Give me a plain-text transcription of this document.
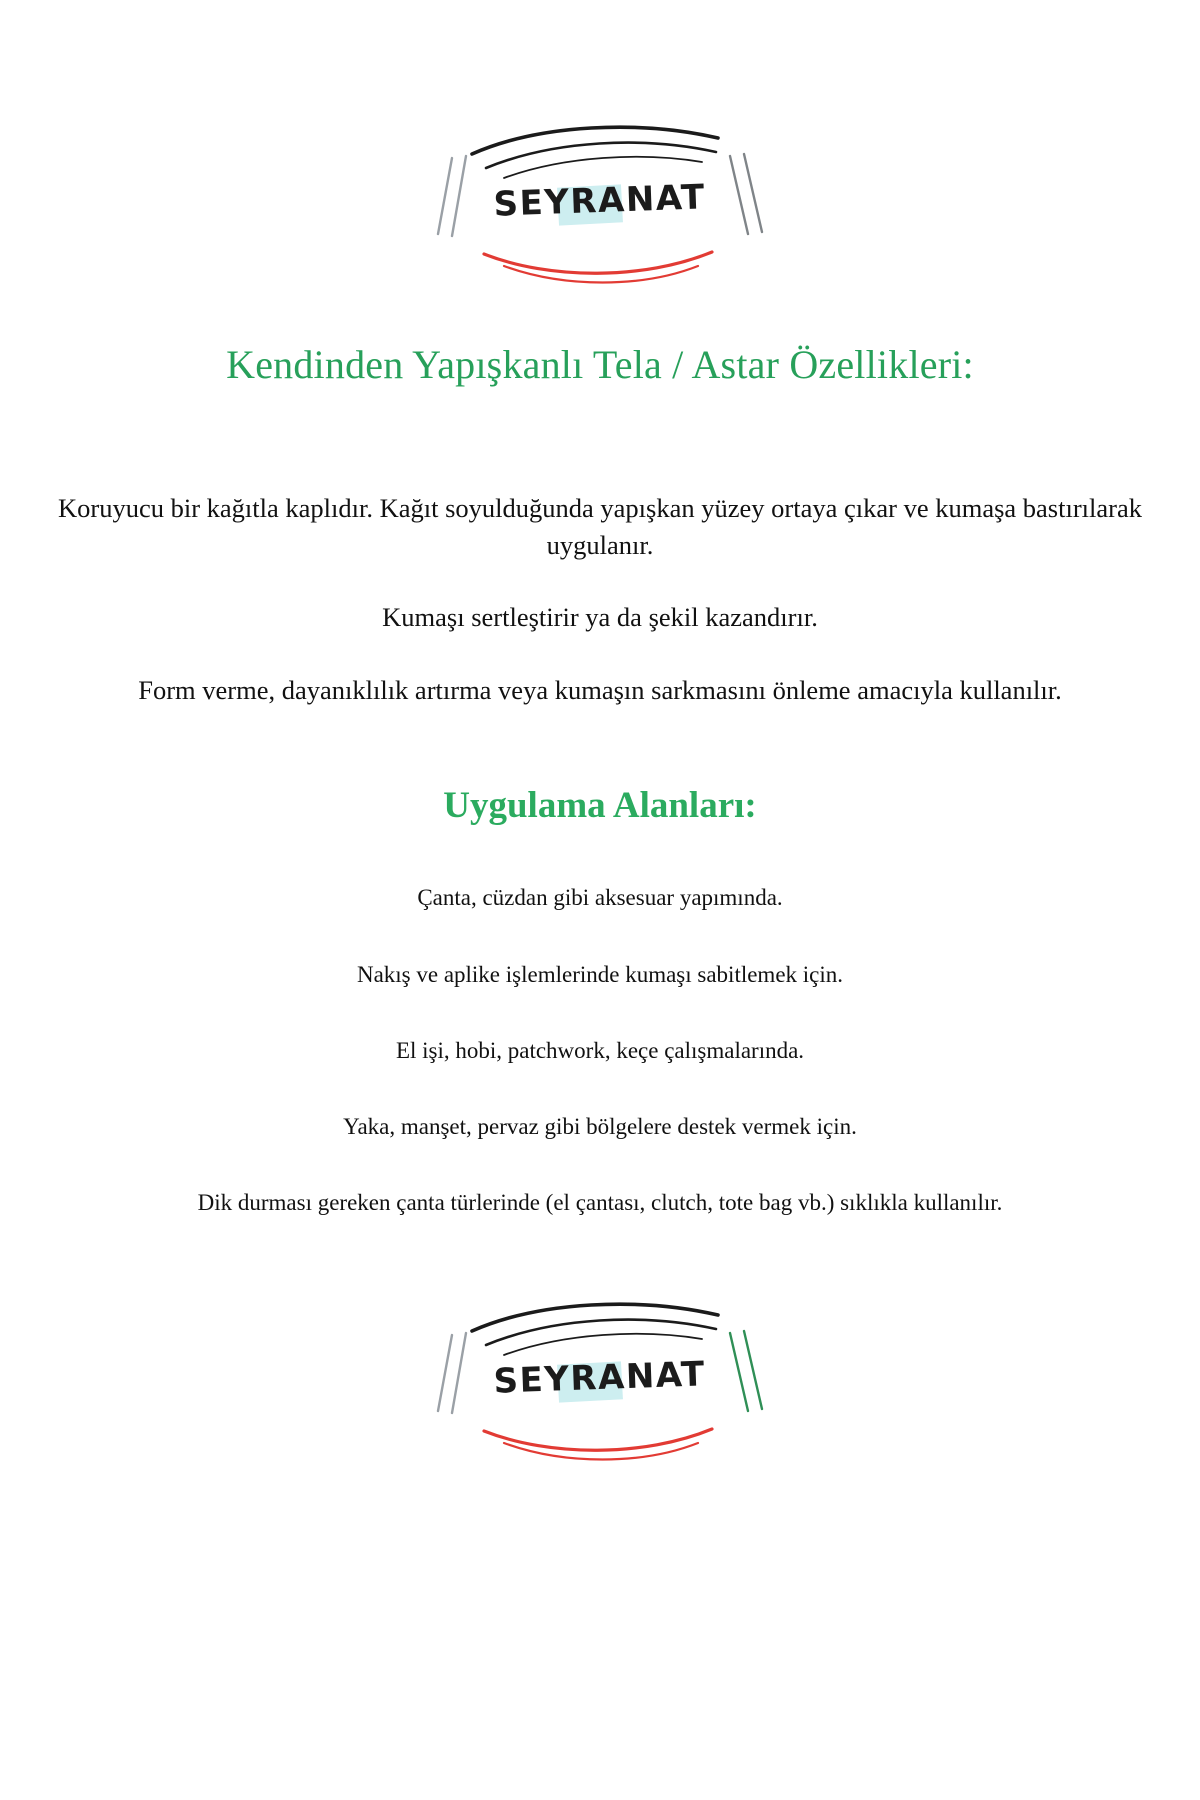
SEYRANAT
Kendinden Yapışkanlı Tela / Astar Özellikleri:

Koruyucu bir kağıtla kaplıdır. Kağıt soyulduğunda yapışkan yüzey ortaya çıkar ve kumaşa bastırılarak uygulanır.

Kumaşı sertleştirir ya da şekil kazandırır.

Form verme, dayanıklılık artırma veya kumaşın sarkmasını önleme amacıyla kullanılır.

Uygulama Alanları:

Çanta, cüzdan gibi aksesuar yapımında.

Nakış ve aplike işlemlerinde kumaşı sabitlemek için.

El işi, hobi, patchwork, keçe çalışmalarında.

Yaka, manşet, pervaz gibi bölgelere destek vermek için.

Dik durması gereken çanta türlerinde (el çantası, clutch, tote bag vb.) sıklıkla kullanılır.

SEYRANAT
